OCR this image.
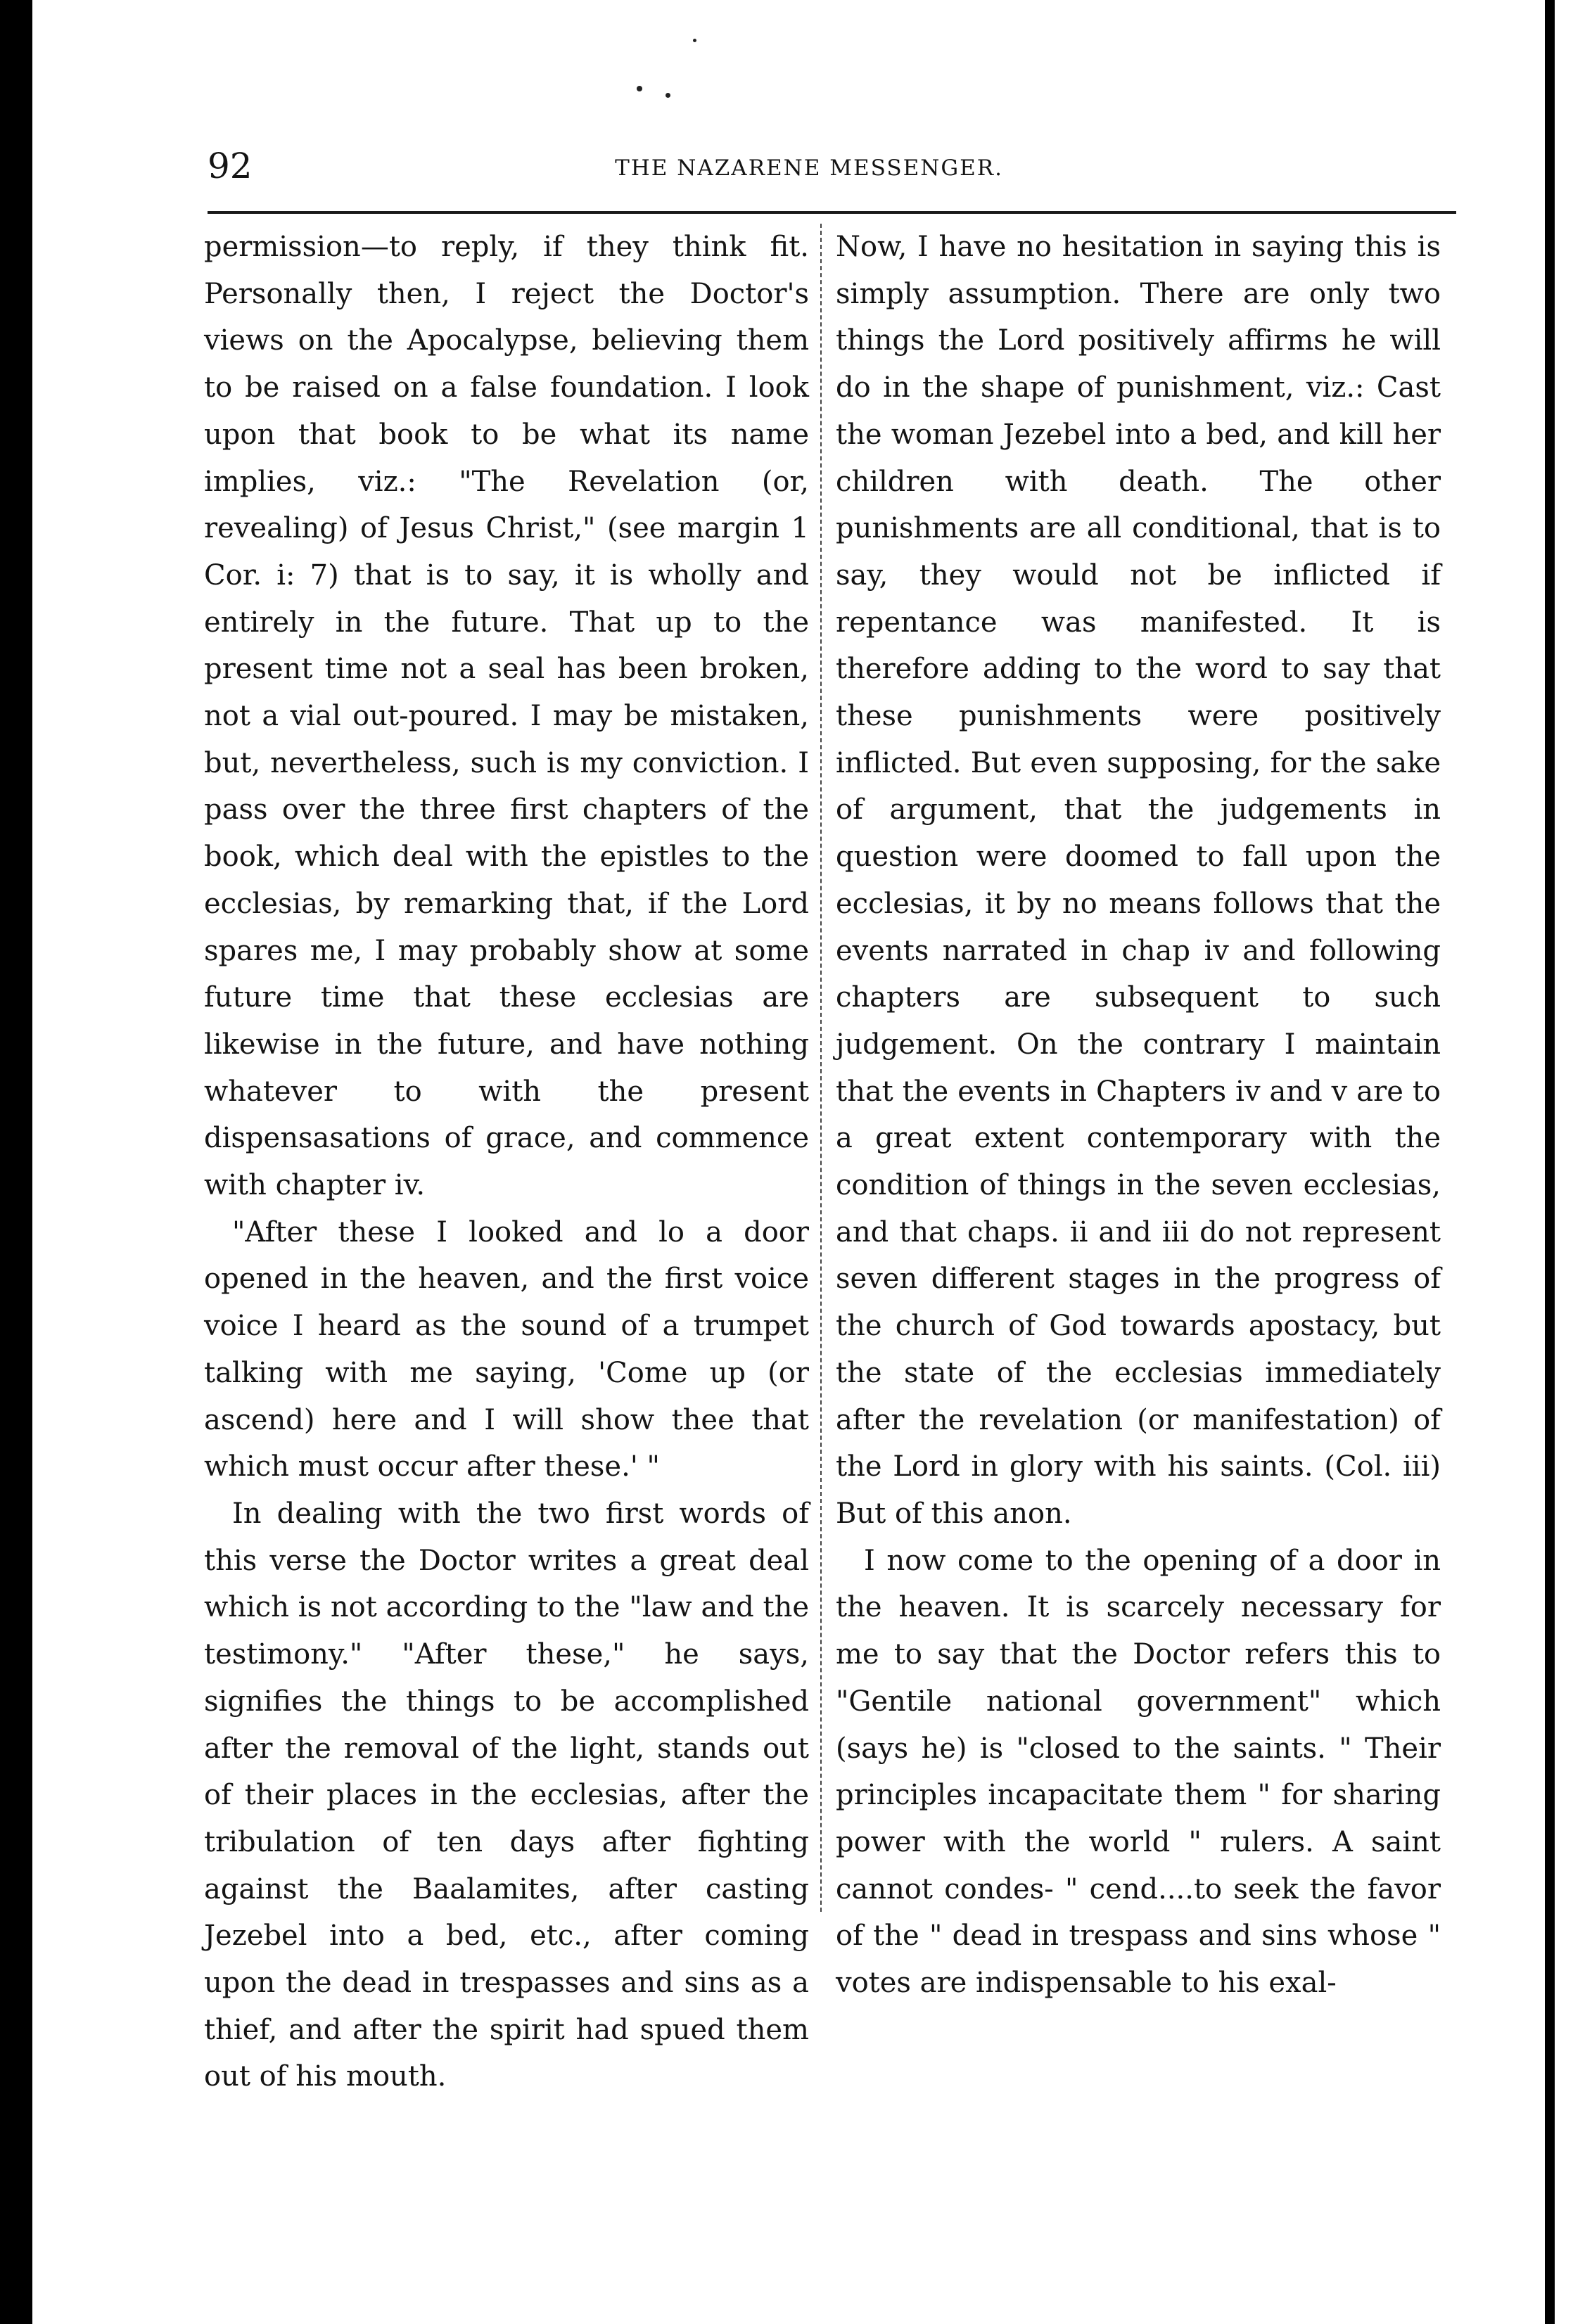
92	THE NAZARENE MESSENGER.

permission—to reply, if they think fit. Personally then, I reject the Doctor's views on the Apocalypse, believing them to be raised on a false foundation. I look upon that book to be what its name implies, viz.: "The Revelation (or, revealing) of Jesus Christ," (see margin 1 Cor. i: 7) that is to say, it is wholly and entirely in the future. That up to the present time not a seal has been broken, not a vial out-poured. I may be mistaken, but, nevertheless, such is my conviction. I pass over the three first chapters of the book, which deal with the epistles to the ecclesias, by remarking that, if the Lord spares me, I may probably show at some future time that these ecclesias are likewise in the future, and have nothing whatever to with the present dispensasations of grace, and commence with chapter iv.

"After these I looked and lo a door opened in the heaven, and the first voice voice I heard as the sound of a trumpet talking with me saying, 'Come up (or ascend) here and I will show thee that which must occur after these.' "

In dealing with the two first words of this verse the Doctor writes a great deal which is not according to the "law and the testimony." "After these," he says, signifies the things to be accomplished after the removal of the light, stands out of their places in the ecclesias, after the tribulation of ten days after fighting against the Baalamites, after casting Jezebel into a bed, etc., after coming upon the dead in trespasses and sins as a thief, and after the spirit had spued them out of his mouth.

Now, I have no hesitation in saying this is simply assumption. There are only two things the Lord positively affirms he will do in the shape of punishment, viz.: Cast the woman Jezebel into a bed, and kill her children with death. The other punishments are all conditional, that is to say, they would not be inflicted if repentance was manifested. It is therefore adding to the word to say that these punishments were positively inflicted. But even supposing, for the sake of argument, that the judgements in question were doomed to fall upon the ecclesias, it by no means follows that the events narrated in chap iv and following chapters are subsequent to such judgement. On the contrary I maintain that the events in Chapters iv and v are to a great extent contemporary with the condition of things in the seven ecclesias, and that chaps. ii and iii do not represent seven different stages in the progress of the church of God towards apostacy, but the state of the ecclesias immediately after the revelation (or manifestation) of the Lord in glory with his saints. (Col. iii) But of this anon.

I now come to the opening of a door in the heaven. It is scarcely necessary for me to say that the Doctor refers this to "Gentile national government" which (says he) is "closed to the saints. " Their principles incapacitate them " for sharing power with the world " rulers. A saint cannot condes- " cend....to seek the favor of the " dead in trespass and sins whose " votes are indispensable to his exal-
